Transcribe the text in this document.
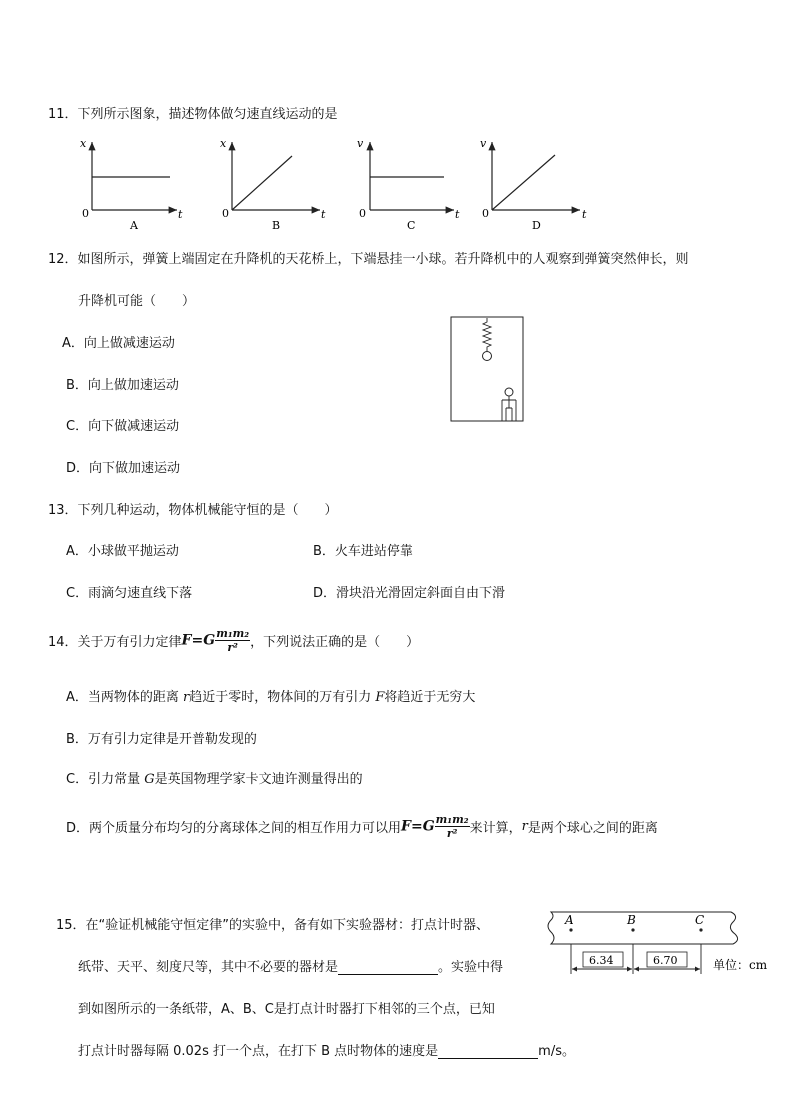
11．下列所示图象，描述物体做匀速直线运动的是
x
t
0
A
x
t
0
B
v
t
0
C
v
t
0
D
12．如图所示，弹簧上端固定在升降机的天花桥上，下端悬挂一小球。若升降机中的人观察到弹簧突然伸长，则
升降机可能（　　）
A．向上做减速运动
B．向上做加速运动
C．向下做减速运动
D．向下做加速运动
13．下列几种运动，物体机械能守恒的是（　　）
A．小球做平抛运动	B．火车进站停靠
C．雨滴匀速直线下落	D．滑块沿光滑固定斜面自由下滑
14．关于万有引力定律 $F=G \frac{\text{m₁m₂}}{\text{r²}}$ ，下列说法正确的是（　　）
A．当两物体的距离 r趋近于零时，物体间的万有引力 F将趋近于无穷大
B．万有引力定律是开普勒发现的
C．引力常量 G是英国物理学家卡文迪许测量得出的
D．两个质量分布均匀的分离球体之间的相互作用力可以用 $F=G \frac{\text{m₁m₂}}{\text{r²}}$ 来计算， r 是两个球心之间的距离
15．在“验证机械能守恒定律”的实验中，备有如下实验器材：打点计时器、
纸带、天平、刻度尺等，其中不必要的器材是	。实验中得
到如图所示的一条纸带，A、B、C是打点计时器打下相邻的三个点，已知
打点计时器每隔 0.02s 打一个点，在打下 B 点时物体的速度是	m/s。
A	B	C
6.34	6.70	单位：cm
